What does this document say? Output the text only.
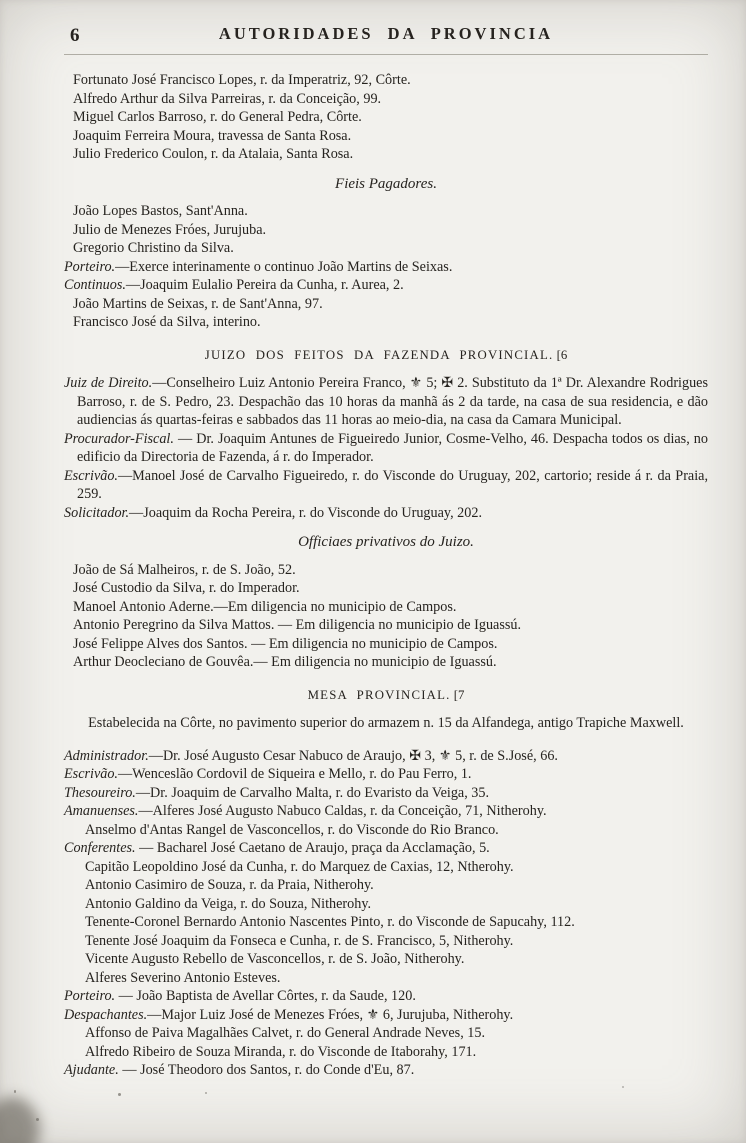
6	AUTORIDADES DA PROVINCIA
Fortunato José Francisco Lopes, r. da Imperatriz, 92, Côrte.
Alfredo Arthur da Silva Parreiras, r. da Conceição, 99.
Miguel Carlos Barroso, r. do General Pedra, Côrte.
Joaquim Ferreira Moura, travessa de Santa Rosa.
Julio Frederico Coulon, r. da Atalaia, Santa Rosa.
Fieis Pagadores.
João Lopes Bastos, Sant'Anna.
Julio de Menezes Fróes, Jurujuba.
Gregorio Christino da Silva.
Porteiro.—Exerce interinamente o continuo João Martins de Seixas.
Continuos.—Joaquim Eulalio Pereira da Cunha, r. Aurea, 2.
João Martins de Seixas, r. de Sant'Anna, 97.
Francisco José da Silva, interino.
JUIZO DOS FEITOS DA FAZENDA PROVINCIAL. [6
Juiz de Direito.—Conselheiro Luiz Antonio Pereira Franco, ⚜ 5; ✠ 2. Substituto da 1ª Dr. Alexandre Rodrigues Barroso, r. de S. Pedro, 23. Despachão das 10 horas da manhã ás 2 da tarde, na casa de sua residencia, e dão audiencias ás quartas-feiras e sabbados das 11 horas ao meio-dia, na casa da Camara Municipal.
Procurador-Fiscal. — Dr. Joaquim Antunes de Figueiredo Junior, Cosme-Velho, 46. Despacha todos os dias, no edificio da Directoria de Fazenda, á r. do Imperador.
Escrivão.—Manoel José de Carvalho Figueiredo, r. do Visconde do Uruguay, 202, cartorio; reside á r. da Praia, 259.
Solicitador.—Joaquim da Rocha Pereira, r. do Visconde do Uruguay, 202.
Officiaes privativos do Juizo.
João de Sá Malheiros, r. de S. João, 52.
José Custodio da Silva, r. do Imperador.
Manoel Antonio Aderne.—Em diligencia no municipio de Campos.
Antonio Peregrino da Silva Mattos. — Em diligencia no municipio de Iguassú.
José Felippe Alves dos Santos. — Em diligencia no municipio de Campos.
Arthur Deocleciano de Gouvêa.— Em diligencia no municipio de Iguassú.
MESA PROVINCIAL. [7
Estabelecida na Côrte, no pavimento superior do armazem n. 15 da Alfandega, antigo Trapiche Maxwell.
Administrador.—Dr. José Augusto Cesar Nabuco de Araujo, ✠ 3, ⚜ 5, r. de S.José, 66.
Escrivão.—Wenceslão Cordovil de Siqueira e Mello, r. do Pau Ferro, 1.
Thesoureiro.—Dr. Joaquim de Carvalho Malta, r. do Evaristo da Veiga, 35.
Amanuenses.—Alferes José Augusto Nabuco Caldas, r. da Conceição, 71, Nitherohy.
Anselmo d'Antas Rangel de Vasconcellos, r. do Visconde do Rio Branco.
Conferentes. — Bacharel José Caetano de Araujo, praça da Acclamação, 5.
Capitão Leopoldino José da Cunha, r. do Marquez de Caxias, 12, Ntherohy.
Antonio Casimiro de Souza, r. da Praia, Nitherohy.
Antonio Galdino da Veiga, r. do Souza, Nitherohy.
Tenente-Coronel Bernardo Antonio Nascentes Pinto, r. do Visconde de Sapucahy, 112.
Tenente José Joaquim da Fonseca e Cunha, r. de S. Francisco, 5, Nitherohy.
Vicente Augusto Rebello de Vasconcellos, r. de S. João, Nitherohy.
Alferes Severino Antonio Esteves.
Porteiro. — João Baptista de Avellar Côrtes, r. da Saude, 120.
Despachantes.—Major Luiz José de Menezes Fróes, ⚜ 6, Jurujuba, Nitherohy.
Affonso de Paiva Magalhães Calvet, r. do General Andrade Neves, 15.
Alfredo Ribeiro de Souza Miranda, r. do Visconde de Itaborahy, 171.
Ajudante. — José Theodoro dos Santos, r. do Conde d'Eu, 87.
